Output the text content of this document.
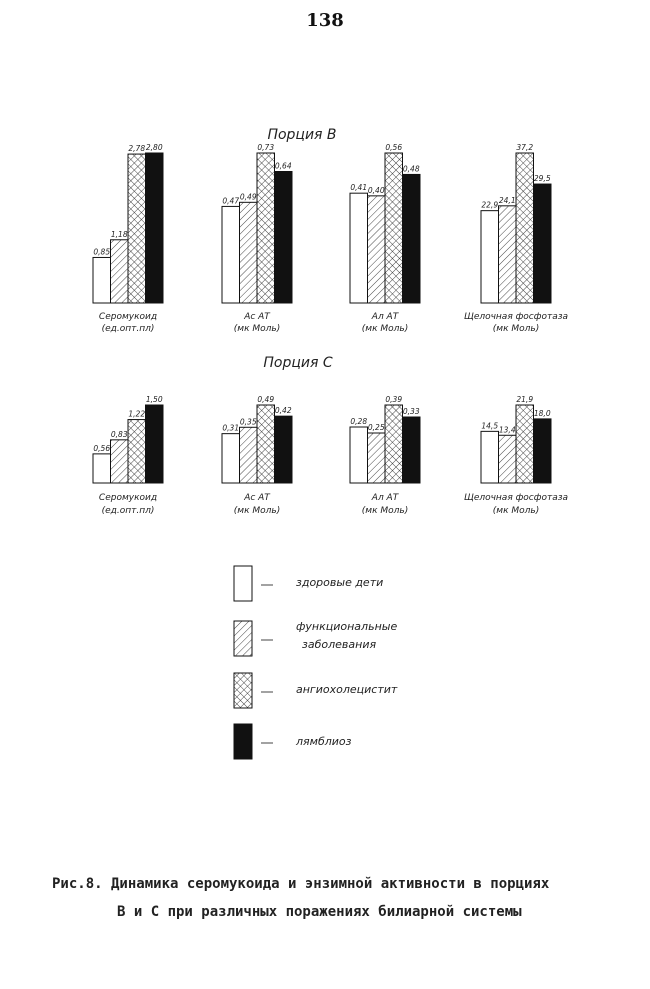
138
Порция В
0,85
1,18
2,78 2,80
Серомукоид
(ед.опт.пл)
0,47 0,49
0,73
0,64
Ас АТ
(мк Моль)
0,41 0,40
0,56
0,48
Ал АТ
(мк Моль)
22,9
24,1
37,2
29,5
Щелочная фосфотаза
(мк Моль)
Порция С
0,56
0,83
1,22
1,50
Серомукоид
(ед.опт.пл)
0,31
0,35
0,49
0,42
Ас АТ
(мк Моль)
0,28
0,25
0,39
0,33
Ал АТ
(мк Моль)
14,5 13,4
21,9
18,0
Щелочная фосфотаза
(мк Моль)
здоровые дети
функциональные
заболевания
ангиохолецистит
лямблиоз
Рис.8. Динамика серомукоида и энзимной активности в порциях
В и С при различных поражениях билиарной системы
